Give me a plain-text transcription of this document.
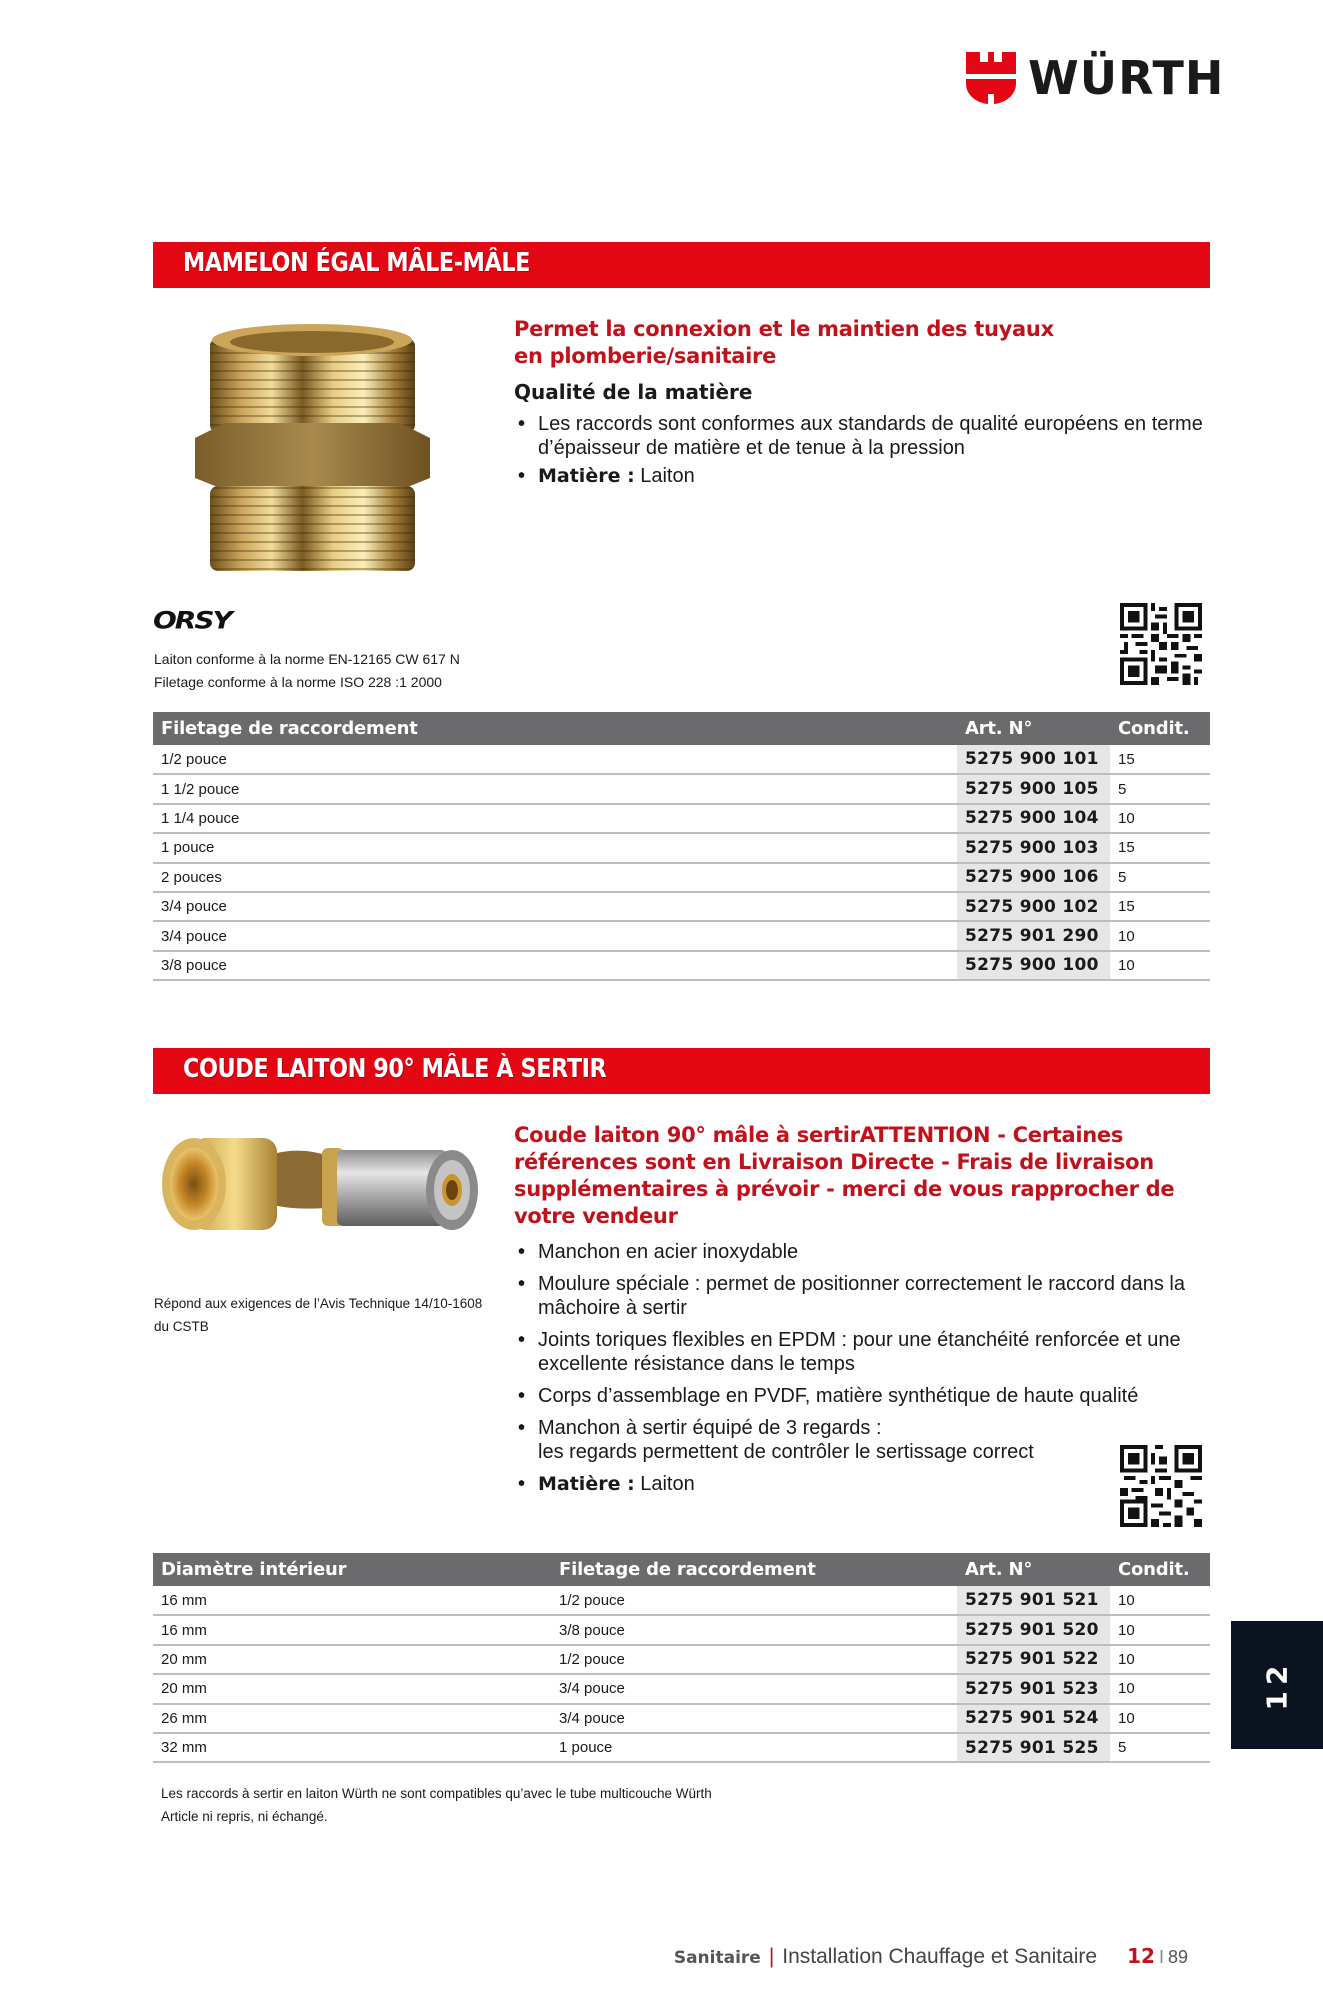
WÜRTH
MAMELON ÉGAL MÂLE-MÂLE
Permet la connexion et le maintien des tuyaux en plomberie/sanitaire
Qualité de la matière
• Les raccords sont conformes aux standards de qualité européens en terme d’épaisseur de matière et de tenue à la pression
• Matière : Laiton
ORSY
Laiton conforme à la norme EN-12165 CW 617 N
Filetage conforme à la norme ISO 228 :1 2000
Filetage de raccordement	Art. N°	Condit.
1/2 pouce	5275 900 101	15
1 1/2 pouce	5275 900 105	5
1 1/4 pouce	5275 900 104	10
1 pouce	5275 900 103	15
2 pouces	5275 900 106	5
3/4 pouce	5275 900 102	15
3/4 pouce	5275 901 290	10
3/8 pouce	5275 900 100	10
COUDE LAITON 90° MÂLE À SERTIR
Répond aux exigences de l’Avis Technique 14/10-1608 du CSTB
Coude laiton 90° mâle à sertirATTENTION - Certaines références sont en Livraison Directe - Frais de livraison supplémentaires à prévoir - merci de vous rapprocher de votre vendeur
• Manchon en acier inoxydable
• Moulure spéciale : permet de positionner correctement le raccord dans la mâchoire à sertir
• Joints toriques flexibles en EPDM : pour une étanchéité renforcée et une excellente résistance dans le temps
• Corps d’assemblage en PVDF, matière synthétique de haute qualité
• Manchon à sertir équipé de 3 regards :
les regards permettent de contrôler le sertissage correct
• Matière : Laiton
Diamètre intérieur	Filetage de raccordement	Art. N°	Condit.
16 mm	1/2 pouce	5275 901 521	10
16 mm	3/8 pouce	5275 901 520	10
20 mm	1/2 pouce	5275 901 522	10
20 mm	3/4 pouce	5275 901 523	10
26 mm	3/4 pouce	5275 901 524	10
32 mm	1 pouce	5275 901 525	5
Les raccords à sertir en laiton Würth ne sont compatibles qu’avec le tube multicouche Würth
Article ni repris, ni échangé.
12
Sanitaire | Installation Chauffage et Sanitaire 12 I 89
